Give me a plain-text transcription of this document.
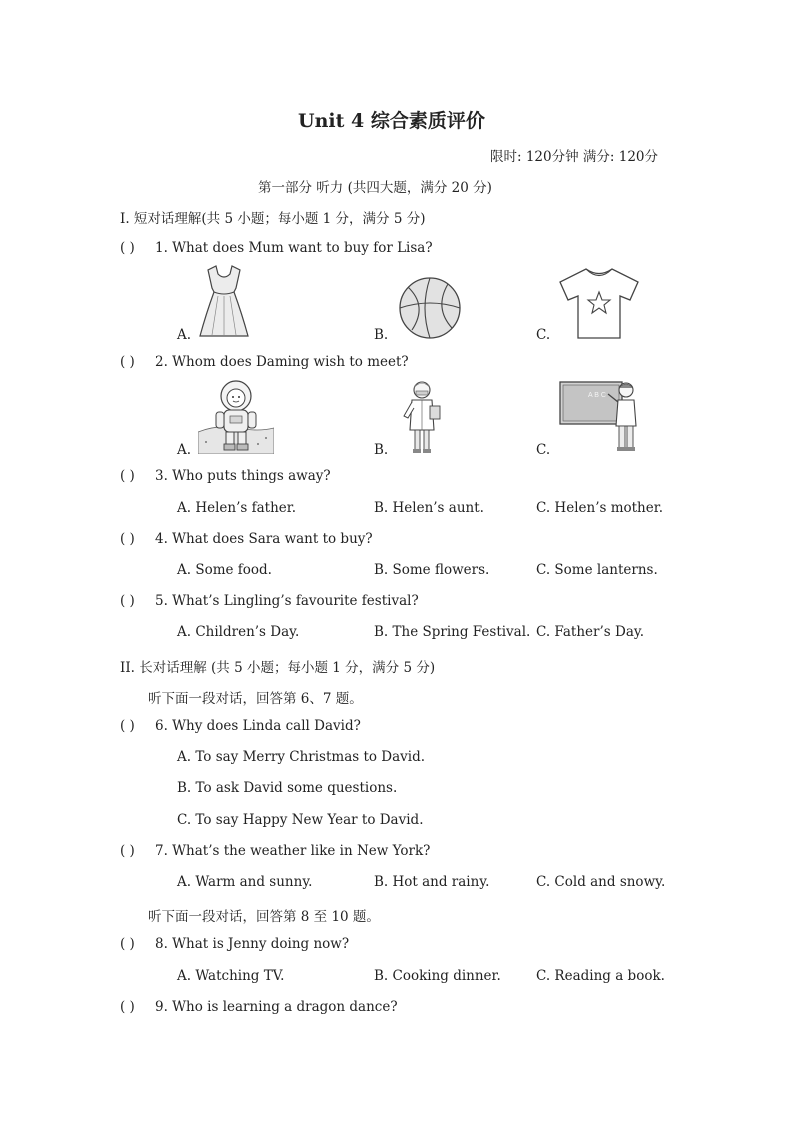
Unit 4 综合素质评价
限时: 120分钟 满分: 120分
第一部分 听力 (共四大题，满分 20 分)
I. 短对话理解(共 5 小题；每小题 1 分，满分 5 分)
( ) 1. What does Mum want to buy for Lisa?
A.	B.	C.
( ) 2. Whom does Daming wish to meet?
A.	B.	C.
A B C
( ) 3. Who puts things away?
A. Helen’s father.	B. Helen’s aunt.	C. Helen’s mother.
( ) 4. What does Sara want to buy?
A. Some food.	B. Some flowers.	C. Some lanterns.
( ) 5. What’s Lingling’s favourite festival?
A. Children’s Day.	B. The Spring Festival. C. Father’s Day.
II. 长对话理解 (共 5 小题；每小题 1 分，满分 5 分)
听下面一段对话，回答第 6、7 题。
( ) 6. Why does Linda call David?
A. To say Merry Christmas to David.
B. To ask David some questions.
C. To say Happy New Year to David.
( ) 7. What’s the weather like in New York?
A. Warm and sunny.	B. Hot and rainy.	C. Cold and snowy.
听下面一段对话，回答第 8 至 10 题。
( ) 8. What is Jenny doing now?
A. Watching TV.	B. Cooking dinner.	C. Reading a book.
( ) 9. Who is learning a dragon dance?
